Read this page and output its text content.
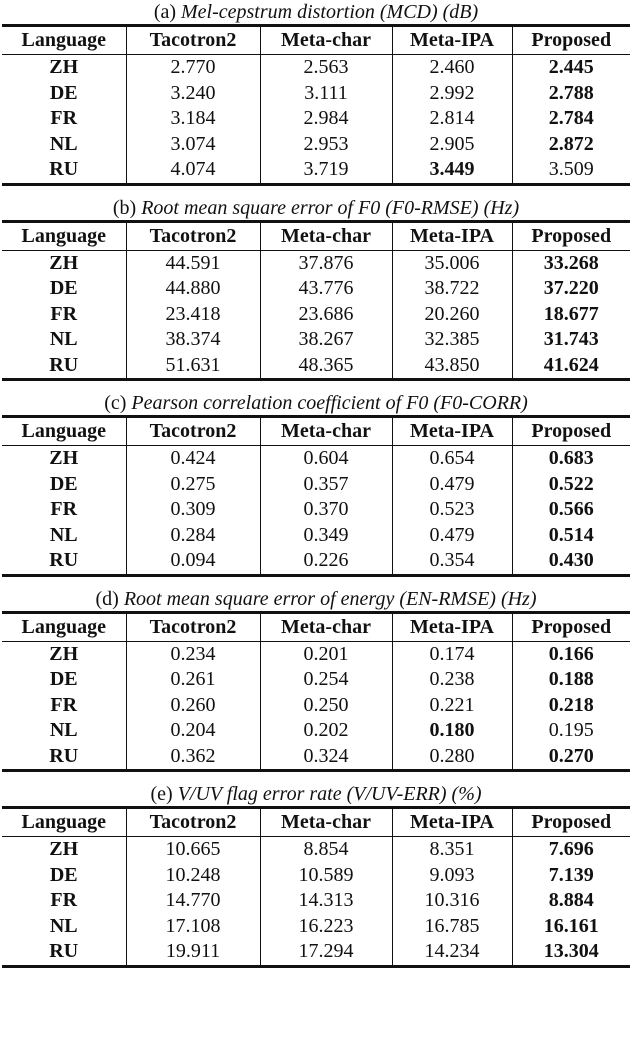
(a) Mel-cepstrum distortion (MCD) (dB)
Language	Tacotron2	Meta-char	Meta-IPA	Proposed
ZH	2.770	2.563	2.460	2.445
DE	3.240	3.111	2.992	2.788
FR	3.184	2.984	2.814	2.784
NL	3.074	2.953	2.905	2.872
RU	4.074	3.719	3.449	3.509
(b) Root mean square error of F0 (F0-RMSE) (Hz)
Language	Tacotron2	Meta-char	Meta-IPA	Proposed
ZH	44.591	37.876	35.006	33.268
DE	44.880	43.776	38.722	37.220
FR	23.418	23.686	20.260	18.677
NL	38.374	38.267	32.385	31.743
RU	51.631	48.365	43.850	41.624
(c) Pearson correlation coefficient of F0 (F0-CORR)
Language	Tacotron2	Meta-char	Meta-IPA	Proposed
ZH	0.424	0.604	0.654	0.683
DE	0.275	0.357	0.479	0.522
FR	0.309	0.370	0.523	0.566
NL	0.284	0.349	0.479	0.514
RU	0.094	0.226	0.354	0.430
(d) Root mean square error of energy (EN-RMSE) (Hz)
Language	Tacotron2	Meta-char	Meta-IPA	Proposed
ZH	0.234	0.201	0.174	0.166
DE	0.261	0.254	0.238	0.188
FR	0.260	0.250	0.221	0.218
NL	0.204	0.202	0.180	0.195
RU	0.362	0.324	0.280	0.270
(e) V/UV flag error rate (V/UV-ERR) (%)
Language	Tacotron2	Meta-char	Meta-IPA	Proposed
ZH	10.665	8.854	8.351	7.696
DE	10.248	10.589	9.093	7.139
FR	14.770	14.313	10.316	8.884
NL	17.108	16.223	16.785	16.161
RU	19.911	17.294	14.234	13.304
